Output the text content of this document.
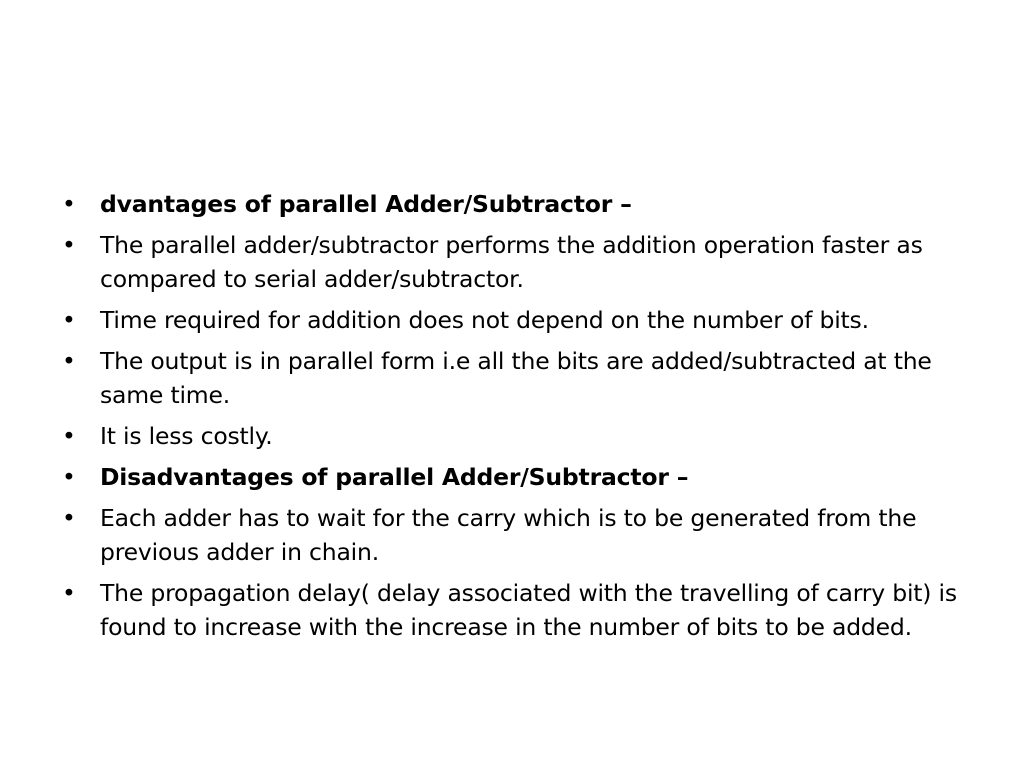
• dvantages of parallel Adder/Subtractor –
• The parallel adder/subtractor performs the addition operation faster as compared to serial adder/subtractor.
• Time required for addition does not depend on the number of bits.
• The output is in parallel form i.e all the bits are added/subtracted at the same time.
• It is less costly.
• Disadvantages of parallel Adder/Subtractor –
• Each adder has to wait for the carry which is to be generated from the previous adder in chain.
• The propagation delay( delay associated with the travelling of carry bit) is found to increase with the increase in the number of bits to be added.
